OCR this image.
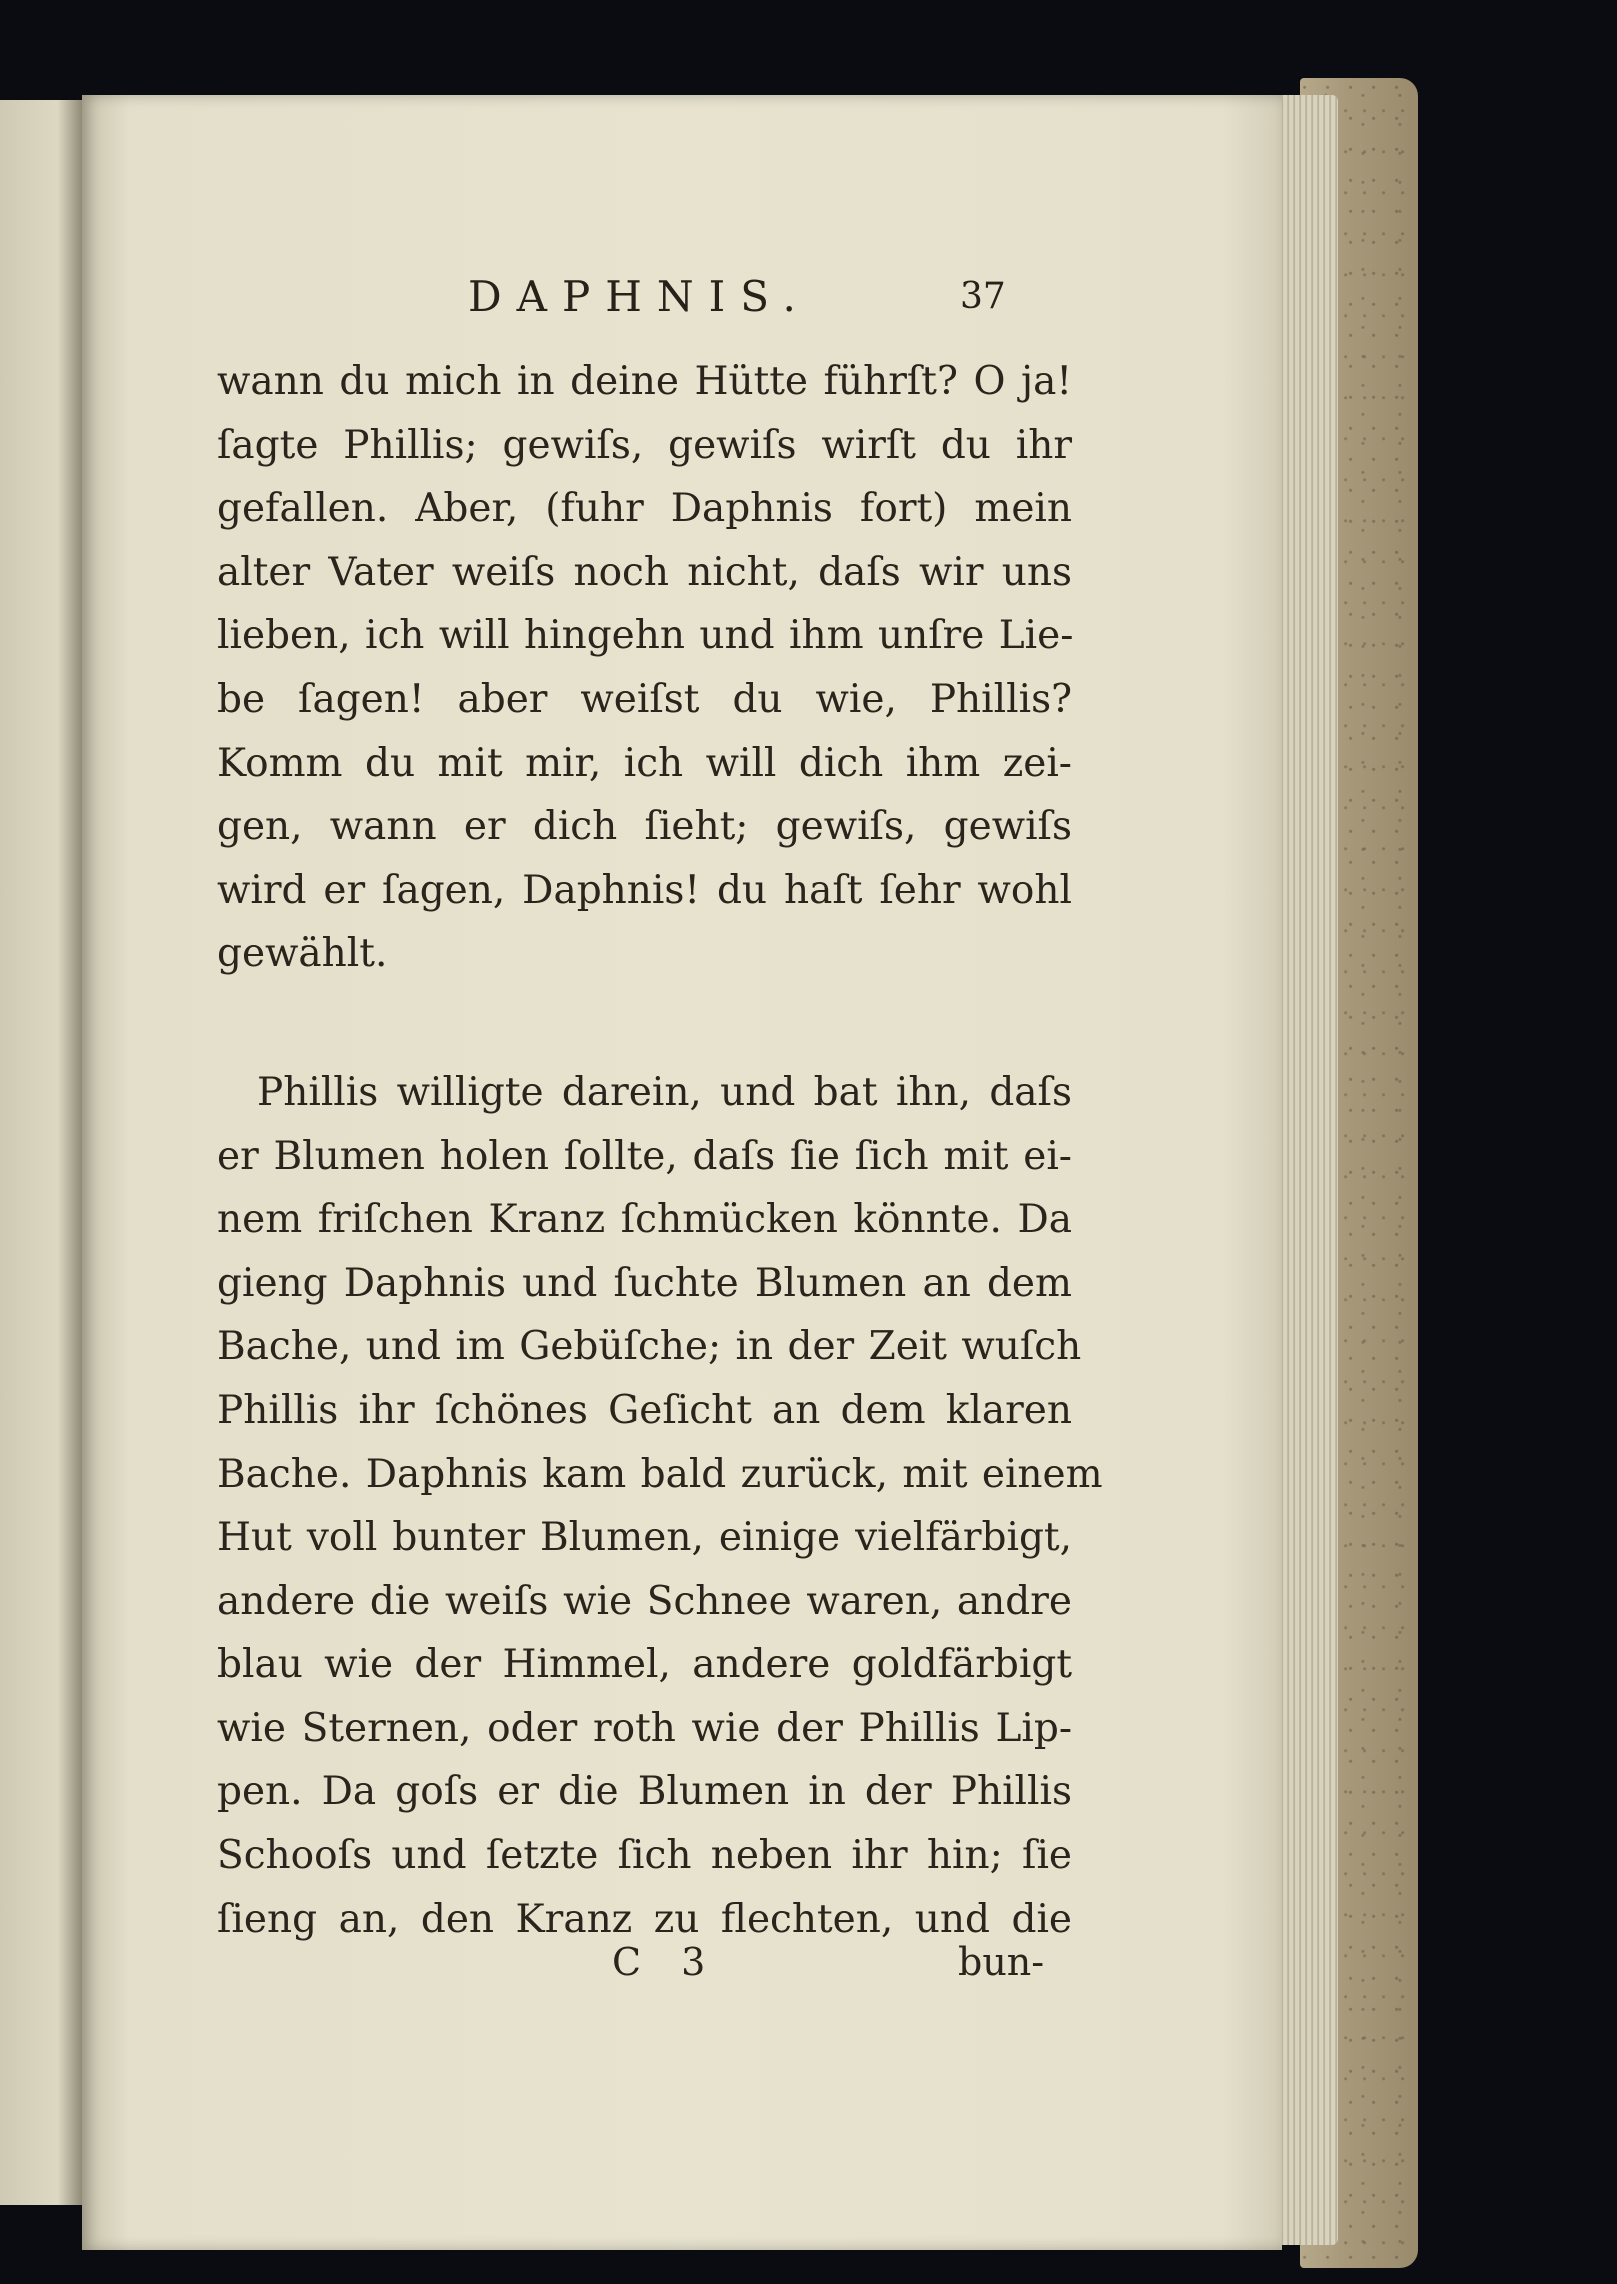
DAPHNIS.	37
wann du mich in deine Hütte führſt? O ja!
ſagte Phillis; gewiſs, gewiſs wirſt du ihr
gefallen. Aber, (fuhr Daphnis fort) mein
alter Vater weiſs noch nicht, daſs wir uns
lieben, ich will hingehn und ihm unſre Lie-
be ſagen! aber weiſst du wie, Phillis?
Komm du mit mir, ich will dich ihm zei-
gen, wann er dich ſieht; gewiſs, gewiſs
wird er ſagen, Daphnis! du haſt ſehr wohl
gewählt.
Phillis willigte darein, und bat ihn, daſs
er Blumen holen ſollte, daſs ſie ſich mit ei-
nem friſchen Kranz ſchmücken könnte. Da
gieng Daphnis und ſuchte Blumen an dem
Bache, und im Gebüſche; in der Zeit wuſch
Phillis ihr ſchönes Geſicht an dem klaren
Bache. Daphnis kam bald zurück, mit einem
Hut voll bunter Blumen, einige vielfärbigt,
andere die weiſs wie Schnee waren, andre
blau wie der Himmel, andere goldfärbigt
wie Sternen, oder roth wie der Phillis Lip-
pen. Da goſs er die Blumen in der Phillis
Schooſs und ſetzte ſich neben ihr hin; ſie
ſieng an, den Kranz zu flechten, und die
C 3	bun-
